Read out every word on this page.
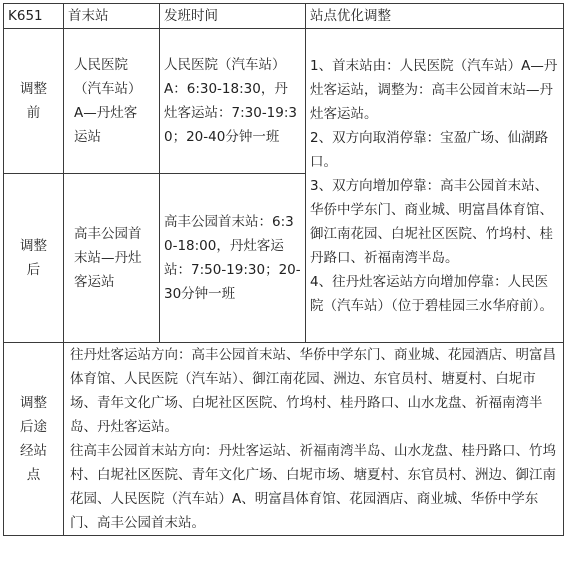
K651	首末站	发班时间	站点优化调整
调整前	人民医院（汽车站）A—丹灶客运站	人民医院（汽车站）A：6:30-18:30，丹灶客运站：7:30-19:30；20-40分钟一班	1、首末站由：人民医院（汽车站）A—丹灶客运站，调整为：高丰公园首末站—丹灶客运站。
2、双方向取消停靠：宝盈广场、仙湖路口。
3、双方向增加停靠：高丰公园首末站、华侨中学东门、商业城、明富昌体育馆、御江南花园、白坭社区医院、竹坞村、桂丹路口、祈福南湾半岛。
4、往丹灶客运站方向增加停靠：人民医院（汽车站）（位于碧桂园三水华府前）。

调整后	高丰公园首末站—丹灶客运站	高丰公园首末站：6:30-18:00，丹灶客运站：7:50-19:30；20-30分钟一班	
调整后途经站点	往丹灶客运站方向：高丰公园首末站、华侨中学东门、商业城、花园酒店、明富昌体育馆、人民医院（汽车站）、御江南花园、洲边、东官员村、塘夏村、白坭市场、青年文化广场、白坭社区医院、竹坞村、桂丹路口、山水龙盘、祈福南湾半岛、丹灶客运站。
往高丰公园首末站方向：丹灶客运站、祈福南湾半岛、山水龙盘、桂丹路口、竹坞村、白坭社区医院、青年文化广场、白坭市场、塘夏村、东官员村、洲边、御江南花园、人民医院（汽车站）A、明富昌体育馆、花园酒店、商业城、华侨中学东门、高丰公园首末站。		
